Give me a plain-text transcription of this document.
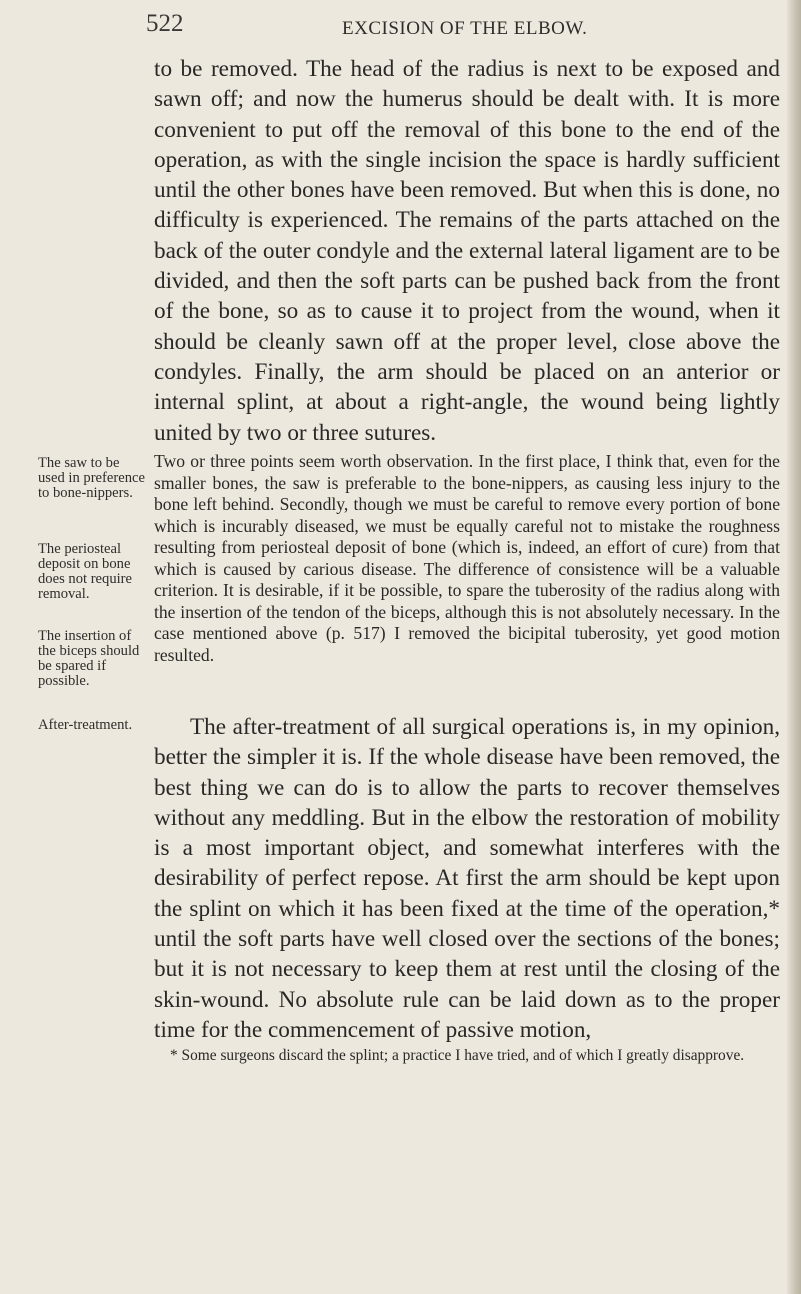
522	EXCISION OF THE ELBOW.

to be removed. The head of the radius is next to be exposed and sawn off; and now the humerus should be dealt with. It is more convenient to put off the removal of this bone to the end of the operation, as with the single incision the space is hardly sufficient until the other bones have been removed. But when this is done, no difficulty is experienced. The remains of the parts attached on the back of the outer condyle and the external lateral ligament are to be divided, and then the soft parts can be pushed back from the front of the bone, so as to cause it to project from the wound, when it should be cleanly sawn off at the proper level, close above the condyles. Finally, the arm should be placed on an anterior or internal splint, at about a right-angle, the wound being lightly united by two or three sutures.

Two or three points seem worth observation. In the first place, I think that, even for the smaller bones, the saw is preferable to the bone-nippers, as causing less injury to the bone left behind. Secondly, though we must be careful to remove every portion of bone which is incurably diseased, we must be equally careful not to mistake the roughness resulting from periosteal deposit of bone (which is, indeed, an effort of cure) from that which is caused by carious disease. The difference of consistence will be a valuable criterion. It is desirable, if it be possible, to spare the tuberosity of the radius along with the insertion of the tendon of the biceps, although this is not absolutely necessary. In the case mentioned above (p. 517) I removed the bicipital tuberosity, yet good motion resulted.

The saw to be used in preference to bone-nippers.

The periosteal deposit on bone does not require removal.

The insertion of the biceps should be spared if possible.

After-treatment.	The after-treatment of all surgical operations is, in my opinion, better the simpler it is. If the whole disease have been removed, the best thing we can do is to allow the parts to recover themselves without any meddling. But in the elbow the restoration of mobility is a most important object, and somewhat interferes with the desirability of perfect repose. At first the arm should be kept upon the splint on which it has been fixed at the time of the operation,* until the soft parts have well closed over the sections of the bones; but it is not necessary to keep them at rest until the closing of the skin-wound. No absolute rule can be laid down as to the proper time for the commencement of passive motion,

* Some surgeons discard the splint; a practice I have tried, and of which I greatly disapprove.
